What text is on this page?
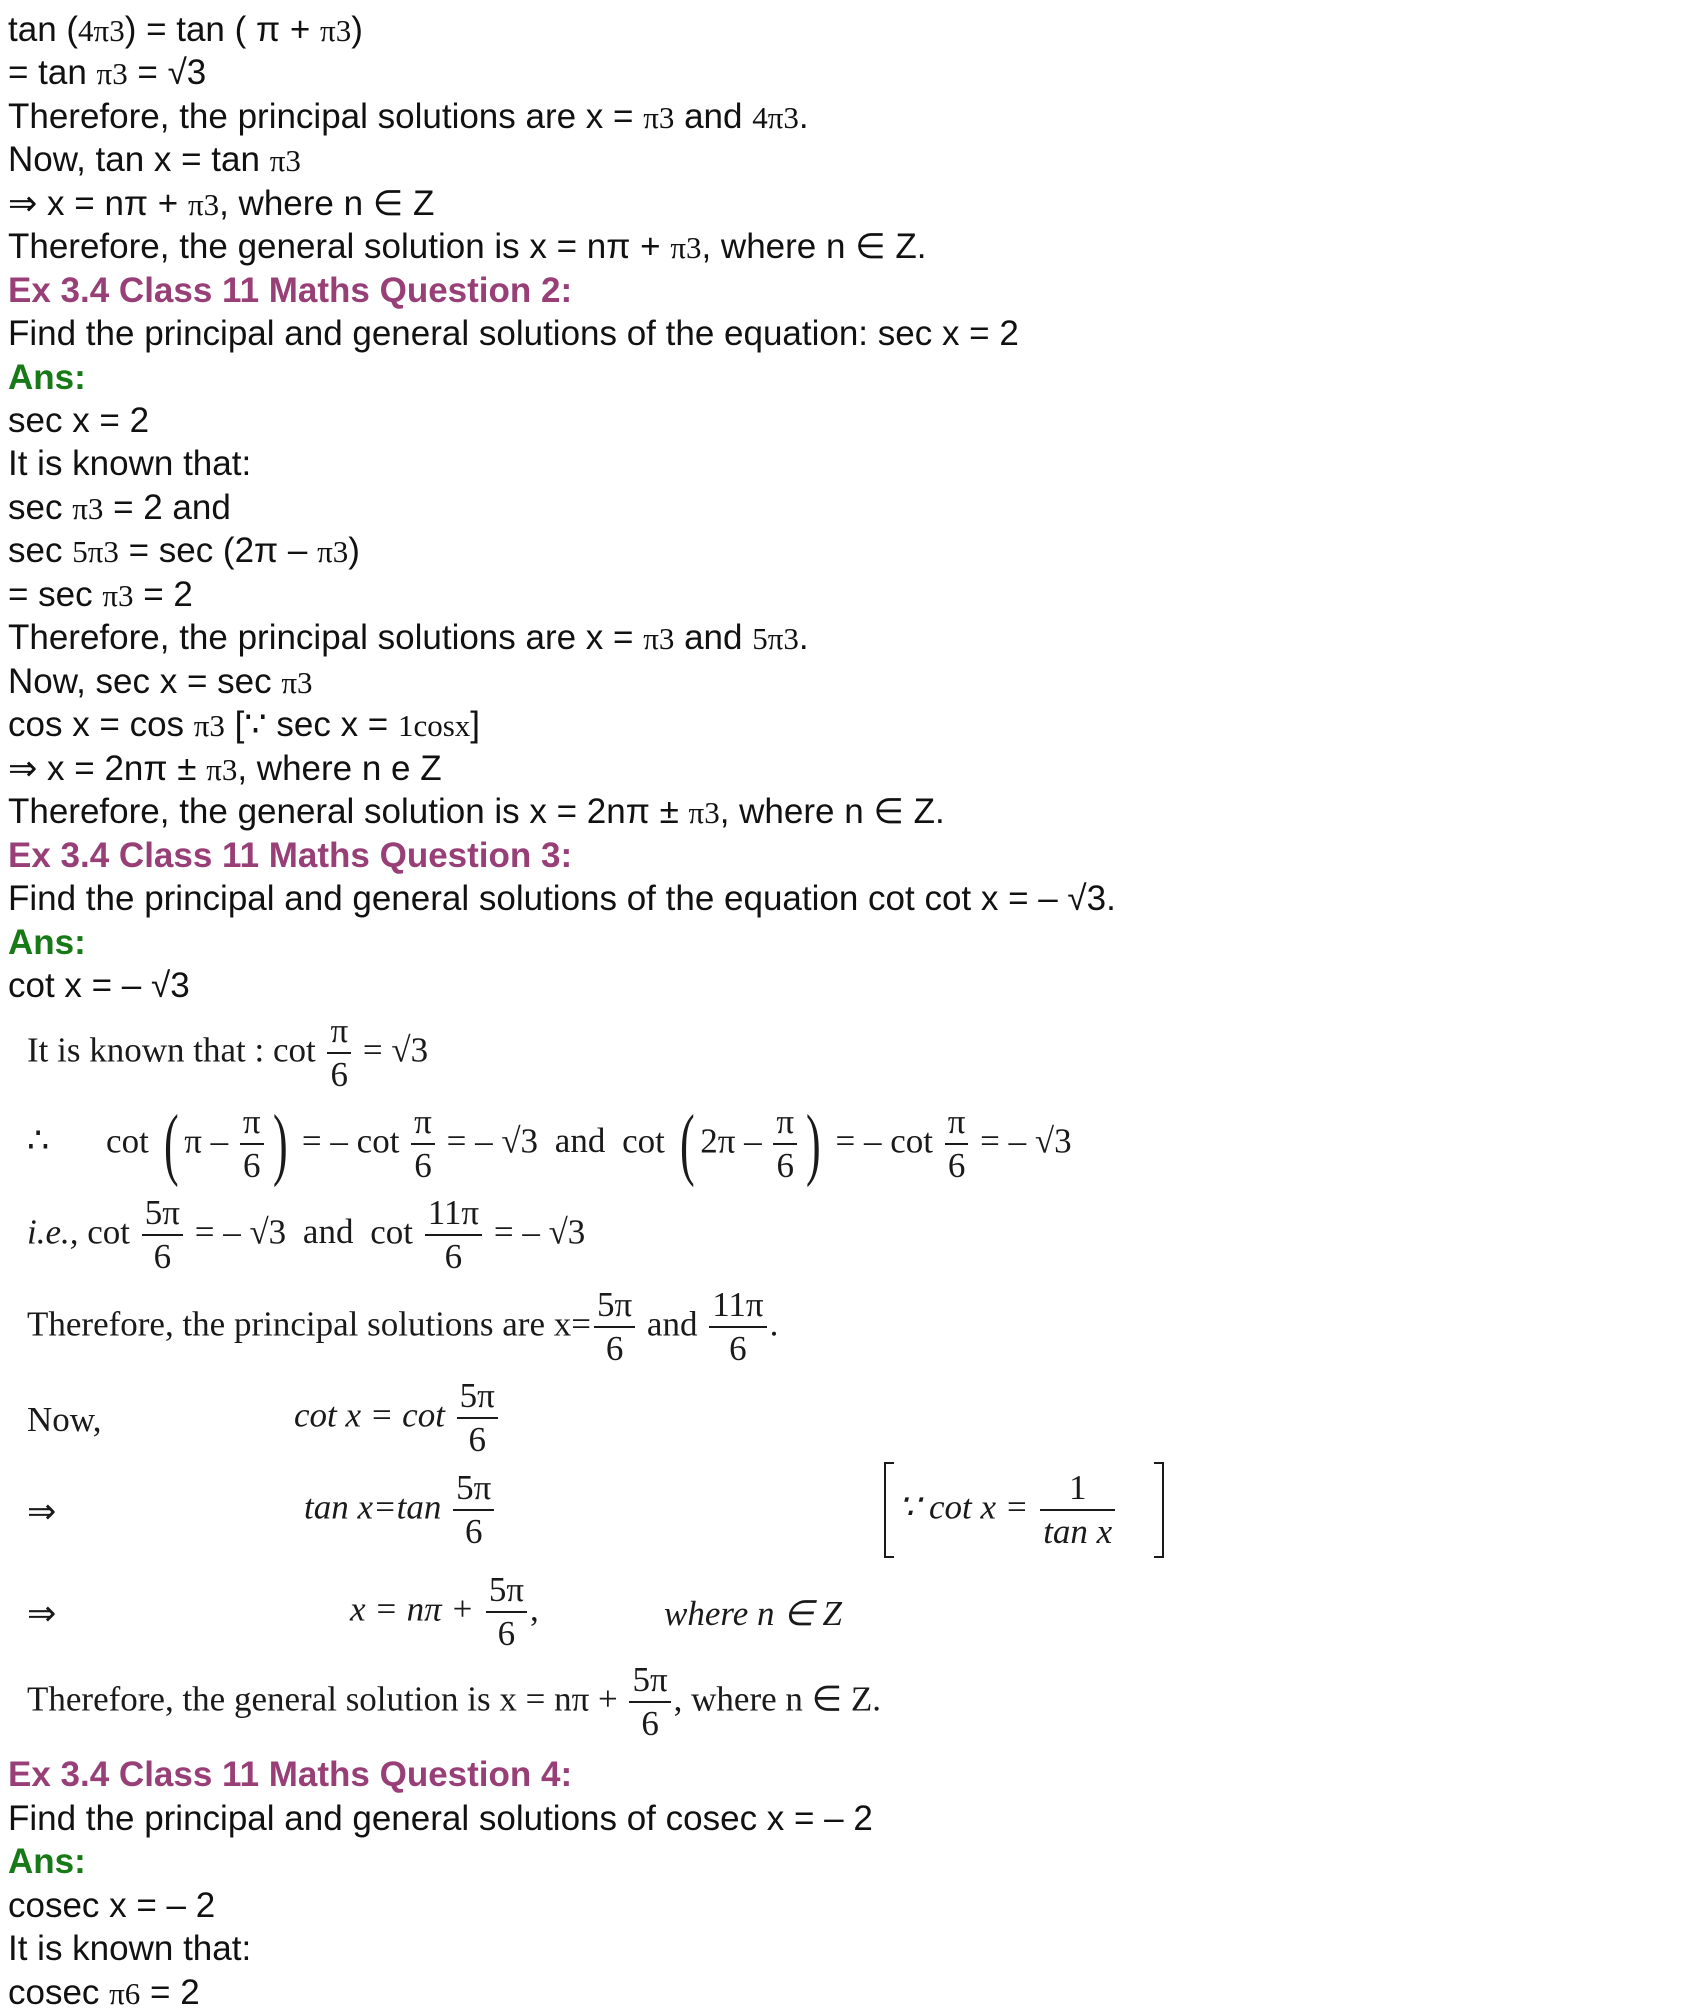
tan (4π3) = tan ( π + π3)
= tan π3 = √3
Therefore, the principal solutions are x = π3 and 4π3.
Now, tan x = tan π3
⇒ x = nπ + π3, where n ∈ Z
Therefore, the general solution is x = nπ + π3, where n ∈ Z.
Ex 3.4 Class 11 Maths Question 2:
Find the principal and general solutions of the equation: sec x = 2
Ans:
sec x = 2
It is known that:
sec π3 = 2 and
sec 5π3 = sec (2π – π3)
= sec π3 = 2
Therefore, the principal solutions are x = π3 and 5π3.
Now, sec x = sec π3
cos x = cos π3 [∵ sec x = 1cosx]
⇒ x = 2nπ ± π3, where n e Z
Therefore, the general solution is x = 2nπ ± π3, where n ∈ Z.
Ex 3.4 Class 11 Maths Question 3:
Find the principal and general solutions of the equation cot cot x = – √3.
Ans:
cot x = – √3
It is known that : $\cot \frac{\pi}{6} = √3$
∴ cot ( π – $\frac{\pi}{6}$ ) = – $\cot \frac{\pi}{6}$ = – √3 and cot ( $2\pi - \frac{\pi}{6}$ ) = – $\cot \frac{\pi}{6}$ = – √3
i.e., $\cot \frac{5\pi}{6}$ = – √3 and $\cot \frac{11\pi}{6}$ = – √3
Therefore, the principal solutions are $x= \frac{5\pi}{6}$ and $\frac{11\pi}{6}$ .
Now,	$\cot x = \cot \frac{5\pi}{6}$
⇒	$\tan x=\tan \frac{5\pi}{6}$	∵ $\cot x = \frac{1}{\text{tan x}}$
⇒	$x = n\pi + \frac{5\pi}{6}$ ,	where n ∈ Z
Therefore, the general solution is $x = n\pi + \frac{5\pi}{6}$ , where n ∈ Z.
Ex 3.4 Class 11 Maths Question 4:
Find the principal and general solutions of cosec x = – 2
Ans:
cosec x = – 2
It is known that:
cosec π6 = 2
